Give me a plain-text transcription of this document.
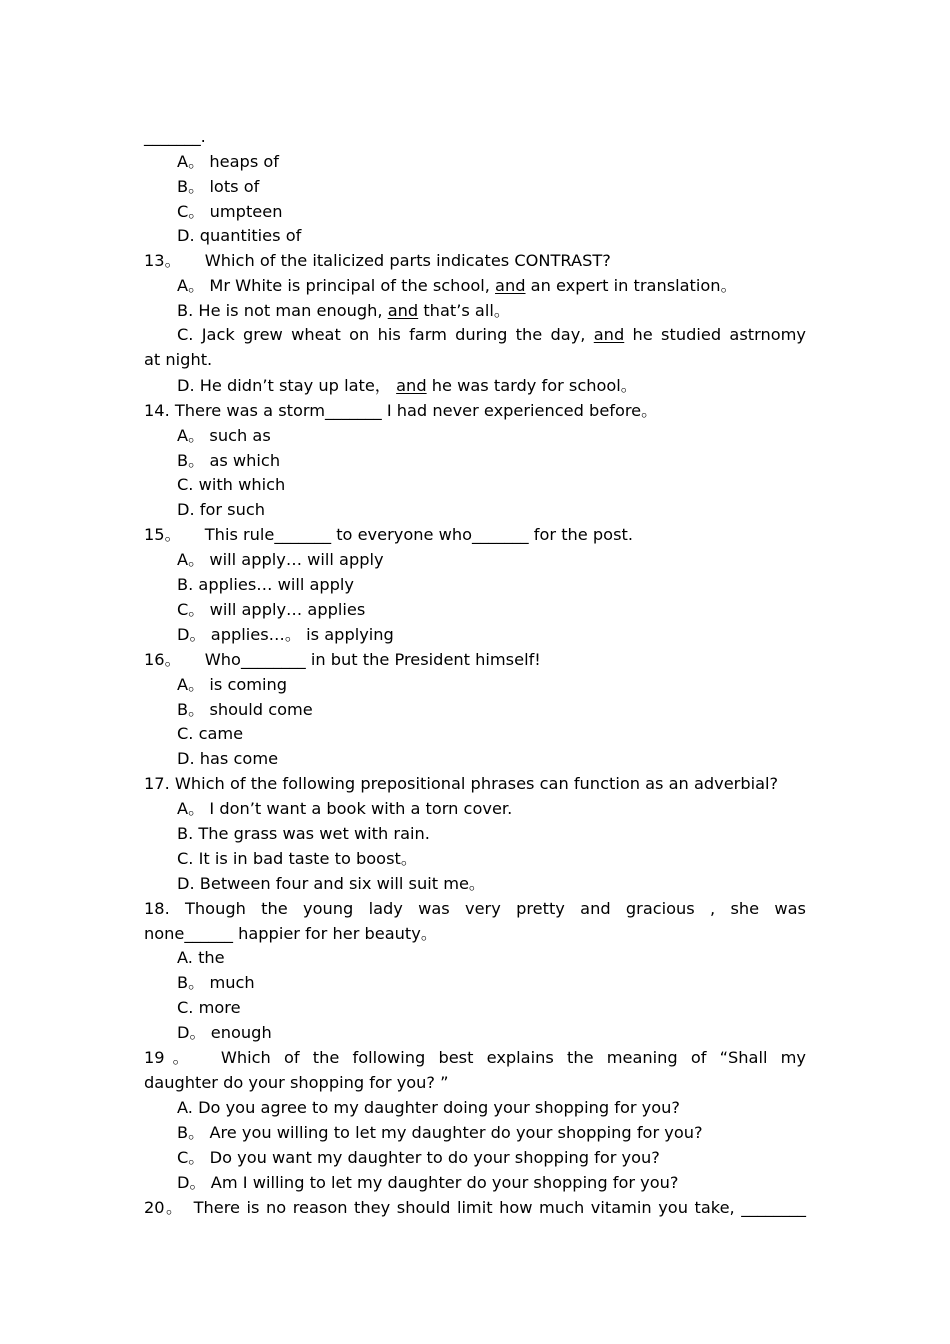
_______.
A。 heaps of
B。 lots of
C。 umpteen
D. quantities of
13。 Which of the italicized parts indicates CONTRAST?
A。 Mr White is principal of the school, and an expert in translation。
B. He is not man enough, and that’s all。
C. Jack grew wheat on his farm during the day, and he studied astrnomy
at night.
D. He didn’t stay up late， and he was tardy for school。
14. There was a storm_______ I had never experienced before。
A。 such as
B。 as which
C. with which
D. for such
15。 This rule_______ to everyone who_______ for the post.
A。 will apply… will apply
B. applies… will apply
C。 will apply… applies
D。 applies…。 is applying
16。 Who________ in but the President himself!
A。 is coming
B。 should come
C. came
D. has come
17. Which of the following prepositional phrases can function as an adverbial?
A。 I don’t want a book with a torn cover.
B. The grass was wet with rain.
C. It is in bad taste to boost。
D. Between four and six will suit me。
18. Though the young lady was very pretty and gracious , she was
none______ happier for her beauty。
A. the
B。 much
C. more
D。 enough
19。 Which of the following best explains the meaning of “Shall my
daughter do your shopping for you? ”
A. Do you agree to my daughter doing your shopping for you?
B。 Are you willing to let my daughter do your shopping for you?
C。 Do you want my daughter to do your shopping for you?
D。 Am I willing to let my daughter do your shopping for you?
20。 There is no reason they should limit how much vitamin you take, ________
